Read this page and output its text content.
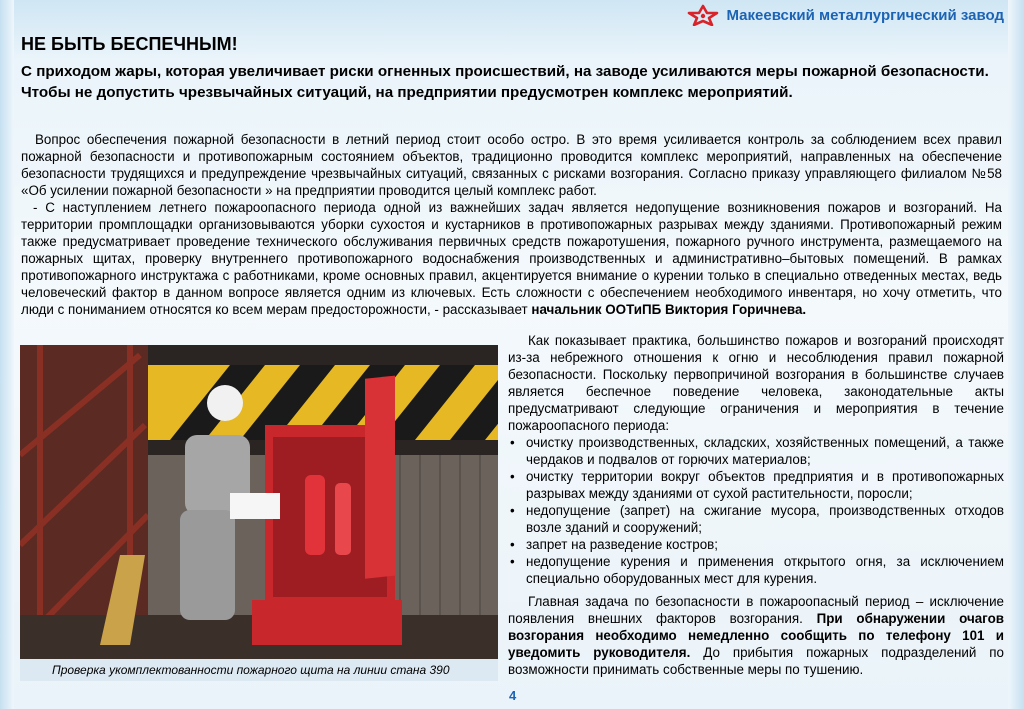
Макеевский металлургический завод
НЕ БЫТЬ БЕСПЕЧНЫМ!

С приходом жары, которая увеличивает риски огненных происшествий, на заводе усиливаются меры пожарной безопасности. Чтобы не допустить чрезвычайных ситуаций, на предприятии предусмотрен комплекс мероприятий.

Вопрос обеспечения пожарной безопасности в летний период стоит особо остро. В это время усиливается контроль за соблюдением всех правил пожарной безопасности и противопожарным состоянием объектов, традиционно проводится комплекс мероприятий, направленных на обеспечение безопасности трудящихся и предупреждение чрезвычайных ситуаций, связанных с рисками возгорания. Согласно приказу управляющего филиалом №58 «Об усилении пожарной безопасности » на предприятии проводится целый комплекс работ.

- С наступлением летнего пожароопасного периода одной из важнейших задач является недопущение возникновения пожаров и возгораний. На территории промплощадки организовываются уборки сухостоя и кустарников в противопожарных разрывах между зданиями. Противопожарный режим также предусматривает проведение технического обслуживания первичных средств пожаротушения, пожарного ручного инструмента, размещаемого на пожарных щитах, проверку внутреннего противопожарного водоснабжения производственных и административно–бытовых помещений. В рамках противопожарного инструктажа с работниками, кроме основных правил, акцентируется внимание о курении только в специально отведенных местах, ведь человеческий фактор в данном вопросе является одним из ключевых. Есть сложности с обеспечением необходимого инвентаря, но хочу отметить, что люди с пониманием относятся ко всем мерам предосторожности, - рассказывает начальник ООТиПБ Виктория Горичнева.

Проверка укомплектованности пожарного щита на линии стана 390

Как показывает практика, большинство пожаров и возгораний происходят из-за небрежного отношения к огню и несоблюдения правил пожарной безопасности. Поскольку первопричиной возгорания в большинстве случаев является беспечное поведение человека, законодательные акты предусматривают следующие ограничения и мероприятия в течение пожароопасного периода:

• очистку производственных, складских, хозяйственных помещений, а также чердаков и подвалов от горючих материалов;
• очистку территории вокруг объектов предприятия и в противопожарных разрывах между зданиями от сухой растительности, поросли;
• недопущение (запрет) на сжигание мусора, производственных отходов возле зданий и сооружений;
• запрет на разведение костров;
• недопущение курения и применения открытого огня, за исключением специально оборудованных мест для курения.

Главная задача по безопасности в пожароопасный период – исключение появления внешних факторов возгорания. При обнаружении очагов возгорания необходимо немедленно сообщить по телефону 101 и уведомить руководителя. До прибытия пожарных подразделений по возможности принимать собственные меры по тушению.

4
